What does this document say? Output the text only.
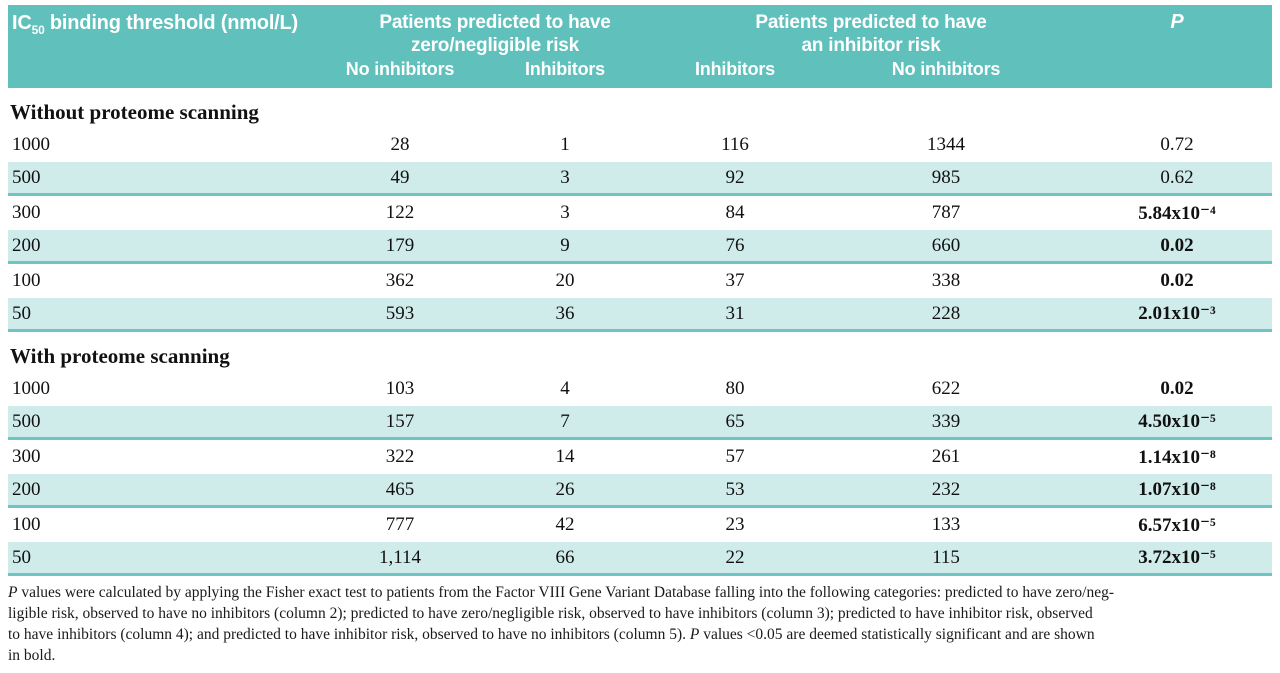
$IC_{50}$ binding threshold (nmol/L)	Patients predicted to have
zero/negligible risk
Patients predicted to have
an inhibitor risk
P
No inhibitors	Inhibitors	Inhibitors	No inhibitors
Without proteome scanning
1000	28	1	116	1344	0.72
500	49	3	92	985	0.62
300	122	3	84	787	5.84x10⁻⁴
200	179	9	76	660	0.02
100	362	20	37	338	0.02
50	593	36	31	228	2.01x10⁻³
With proteome scanning
1000	103	4	80	622	0.02
500	157	7	65	339	4.50x10⁻⁵
300	322	14	57	261	1.14x10⁻⁸
200	465	26	53	232	1.07x10⁻⁸
100	777	42	23	133	6.57x10⁻⁵
50	1,114	66	22	115	3.72x10⁻⁵
P values were calculated by applying the Fisher exact test to patients from the Factor VIII Gene Variant Database falling into the following categories: predicted to have zero/neg-
ligible risk, observed to have no inhibitors (column 2); predicted to have zero/negligible risk, observed to have inhibitors (column 3); predicted to have inhibitor risk, observed
to have inhibitors (column 4); and predicted to have inhibitor risk, observed to have no inhibitors (column 5). P values <0.05 are deemed statistically significant and are shown
in bold.
